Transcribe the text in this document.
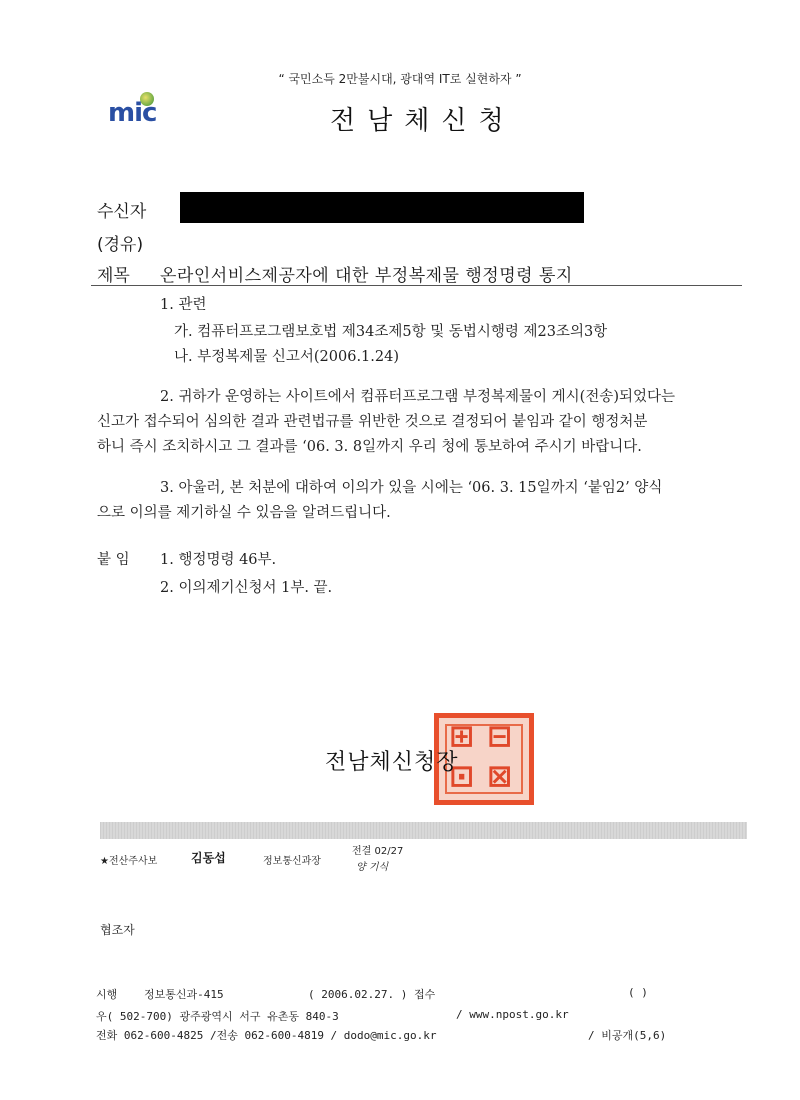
“ 국민소득 2만불시대, 광대역 IT로 실현하자 ”
mic	전남체신청
수신자
(경유)
제목 온라인서비스제공자에 대한 부정복제물 행정명령 통지
1. 관련
가. 컴퓨터프로그램보호법 제34조제5항 및 동법시행령 제23조의3항
나. 부정복제물 신고서(2006.1.24)
2. 귀하가 운영하는 사이트에서 컴퓨터프로그램 부정복제물이 게시(전송)되었다는
신고가 접수되어 심의한 결과 관련법규를 위반한 것으로 결정되어 붙임과 같이 행정처분
하니 즉시 조치하시고 그 결과를 ‘06. 3. 8일까지 우리 청에 통보하여 주시기 바랍니다.
3. 아울러, 본 처분에 대하여 이의가 있을 시에는 ‘06. 3. 15일까지 ‘붙임2’ 양식
으로 이의를 제기하실 수 있음을 알려드립니다.
붙 임 1. 행정명령 46부.
2. 이의제기신청서 1부. 끝.
⊞ ⊟
⊡ ⊠
전남체신청장
★전산주사보	김동섭	정보통신과장
전결 02/27
양 기식
협조자
시행 정보통신과-415	( 2006.02.27. ) 접수	( )
우( 502-700) 광주광역시 서구 유촌동 840-3	/ www.npost.go.kr
전화 062-600-4825 /전송 062-600-4819 / dodo@mic.go.kr	/ 비공개(5,6)
